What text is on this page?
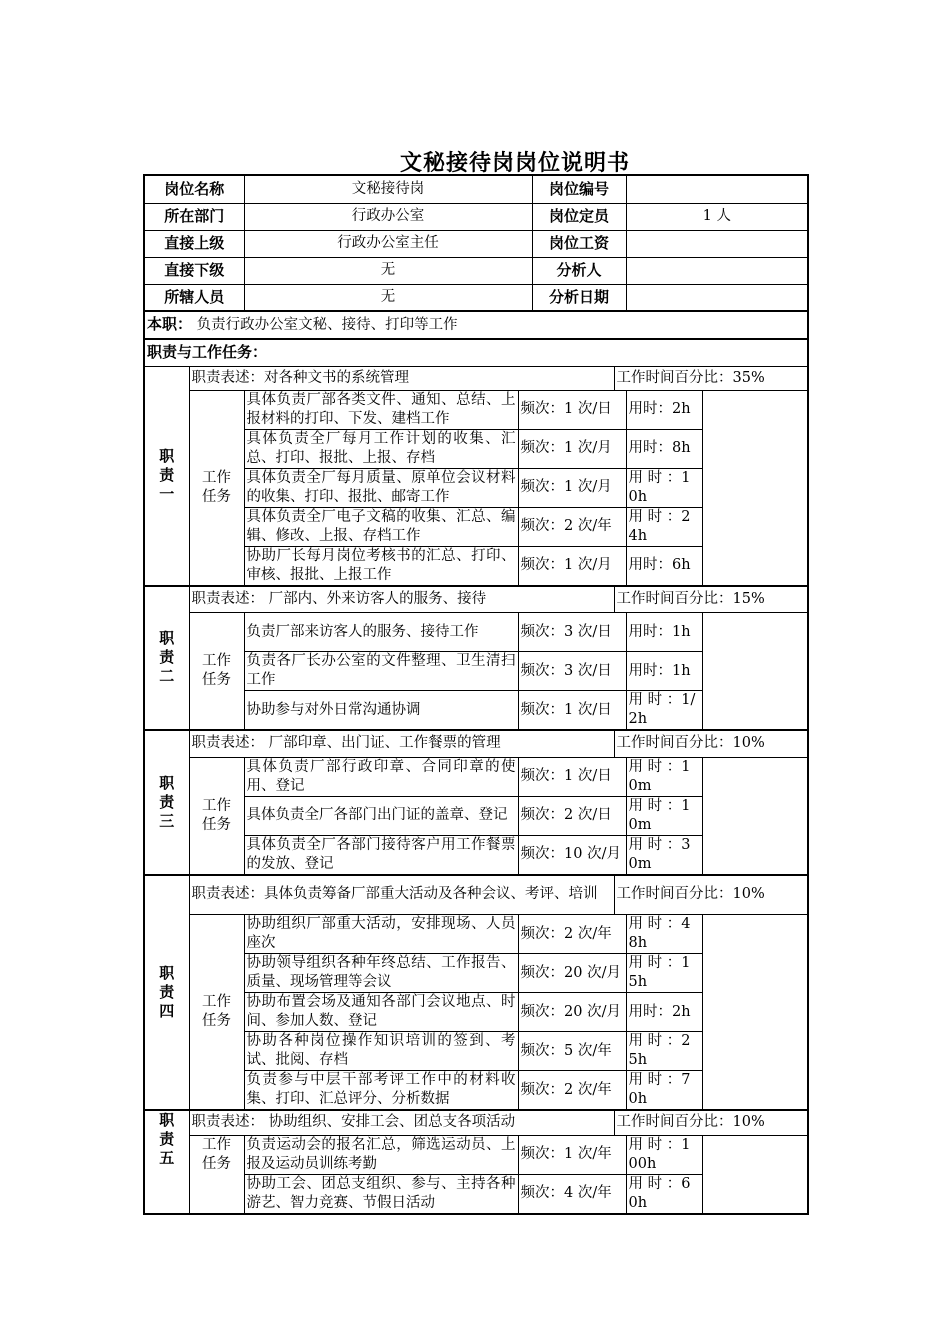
文秘接待岗岗位说明书
岗位名称		文秘接待岗		岗位编号		
所在部门		行政办公室		岗位定员		1 人
直接上级		行政办公室主任		岗位工资		
直接下级		无		分析人		
所辖人员		无		分析日期		
本职： 负责行政办公室文秘、接待、打印等工作						
职责与工作任务：						

职责一	职责表述：对各种文书的系统管理				工作时间百分比：35%	

	工作任务	具体负责厂部各类文件、通知、总结、上报材料的打印、下发、建档工作	频次：1 次/日			用时：2h
		具体负责全厂每月工作计划的收集、汇总、打印、报批、上报、存档	频次：1 次/月			用时：8h
		具体负责全厂每月质量、原单位会议材料的收集、打印、报批、邮寄工作	频次：1 次/月			用 时 ：10h
		具体负责全厂电子文稿的收集、汇总、编辑、修改、上报、存档工作	频次：2 次/年			用 时 ：24h
		协助厂长每月岗位考核书的汇总、打印、审核、报批、上报工作	频次：1 次/月			用时：6h

职责二	职责表述： 厂部内、外来访客人的服务、接待				工作时间百分比：15%	

	工作任务	负责厂部来访客人的服务、接待工作	频次：3 次/日			用时：1h
		负责各厂长办公室的文件整理、卫生清扫工作	频次：3 次/日			用时：1h
		协助参与对外日常沟通协调	频次：1 次/日			用 时 ：1/2h

职责三	职责表述： 厂部印章、出门证、工作餐票的管理				工作时间百分比：10%	

	工作任务	具体负责厂部行政印章、合同印章的使用、登记	频次：1 次/日			用 时 ：10m
		具体负责全厂各部门出门证的盖章、登记	频次：2 次/日			用 时 ：10m
		具体负责全厂各部门接待客户用工作餐票的发放、登记	频次：10 次/月			用 时 ：30m

职责四	职责表述：具体负责筹备厂部重大活动及各种会议、考评、培训				工作时间百分比：10%	

	工作任务	协助组织厂部重大活动，安排现场、人员座次	频次：2 次/年			用 时 ：48h
		协助领导组织各种年终总结、工作报告、质量、现场管理等会议	频次：20 次/月			用 时 ：15h
		协助布置会场及通知各部门会议地点、时间、参加人数、登记	频次：20 次/月			用时：2h
		协助各种岗位操作知识培训的签到、考试、批阅、存档	频次：5 次/年			用 时 ：25h
		负责参与中层干部考评工作中的材料收集、打印、汇总评分、分析数据	频次：2 次/年			用 时 ：70h

职责五	职责表述： 协助组织、安排工会、团总支各项活动				工作时间百分比：10%	

	工作任务	负责运动会的报名汇总，筛选运动员、上报及运动员训练考勤	频次：1 次/年			用 时 ：100h
		协助工会、团总支组织、参与、主持各种游艺、智力竞赛、节假日活动	频次：4 次/年			用 时 ：60h
